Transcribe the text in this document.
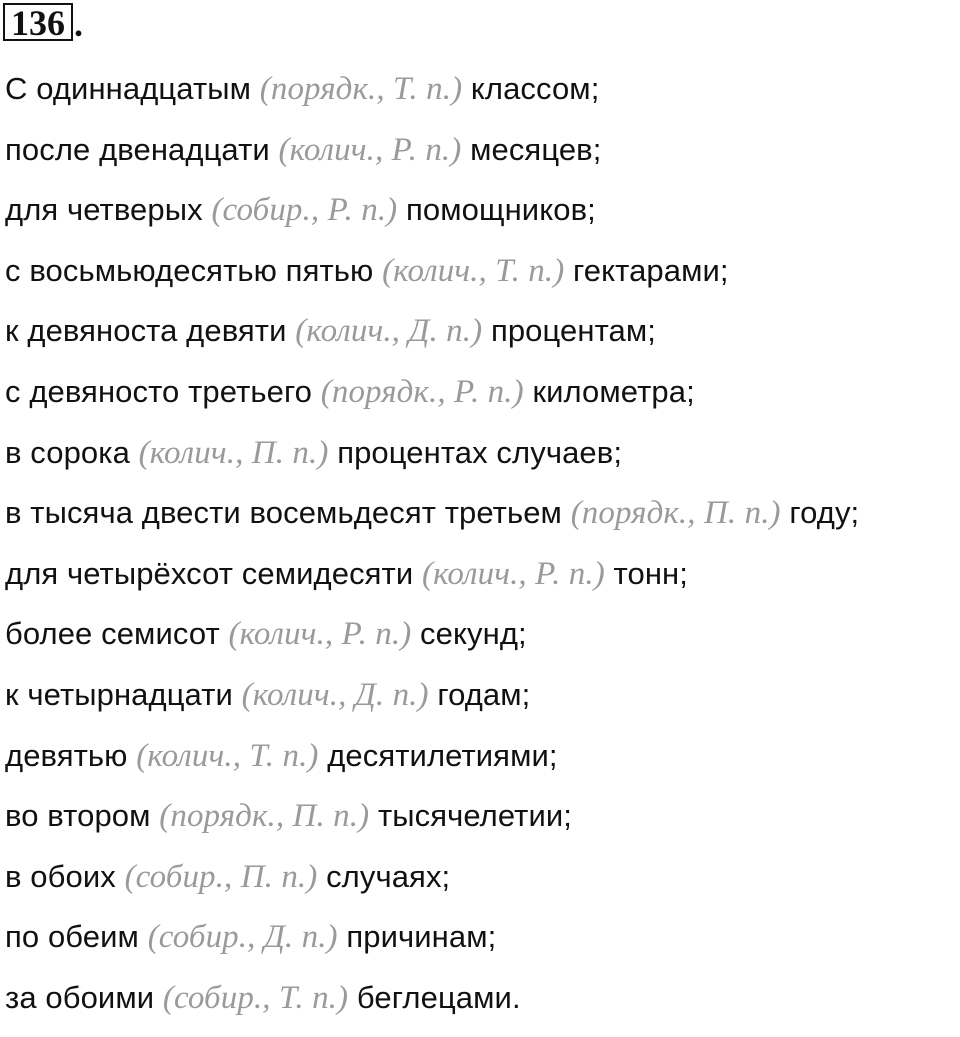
136 .
С одиннадцатым (порядк., Т. п.) классом;
после двенадцати (колич., Р. п.) месяцев;
для четверых (собир., Р. п.) помощников;
с восьмьюдесятью пятью (колич., Т. п.) гектарами;
к девяноста девяти (колич., Д. п.) процентам;
с девяносто третьего (порядк., Р. п.) километра;
в сорока (колич., П. п.) процентах случаев;
в тысяча двести восемьдесят третьем (порядк., П. п.) году;
для четырёхсот семидесяти (колич., Р. п.) тонн;
более семисот (колич., Р. п.) секунд;
к четырнадцати (колич., Д. п.) годам;
девятью (колич., Т. п.) десятилетиями;
во втором (порядк., П. п.) тысячелетии;
в обоих (собир., П. п.) случаях;
по обеим (собир., Д. п.) причинам;
за обоими (собир., Т. п.) беглецами.
